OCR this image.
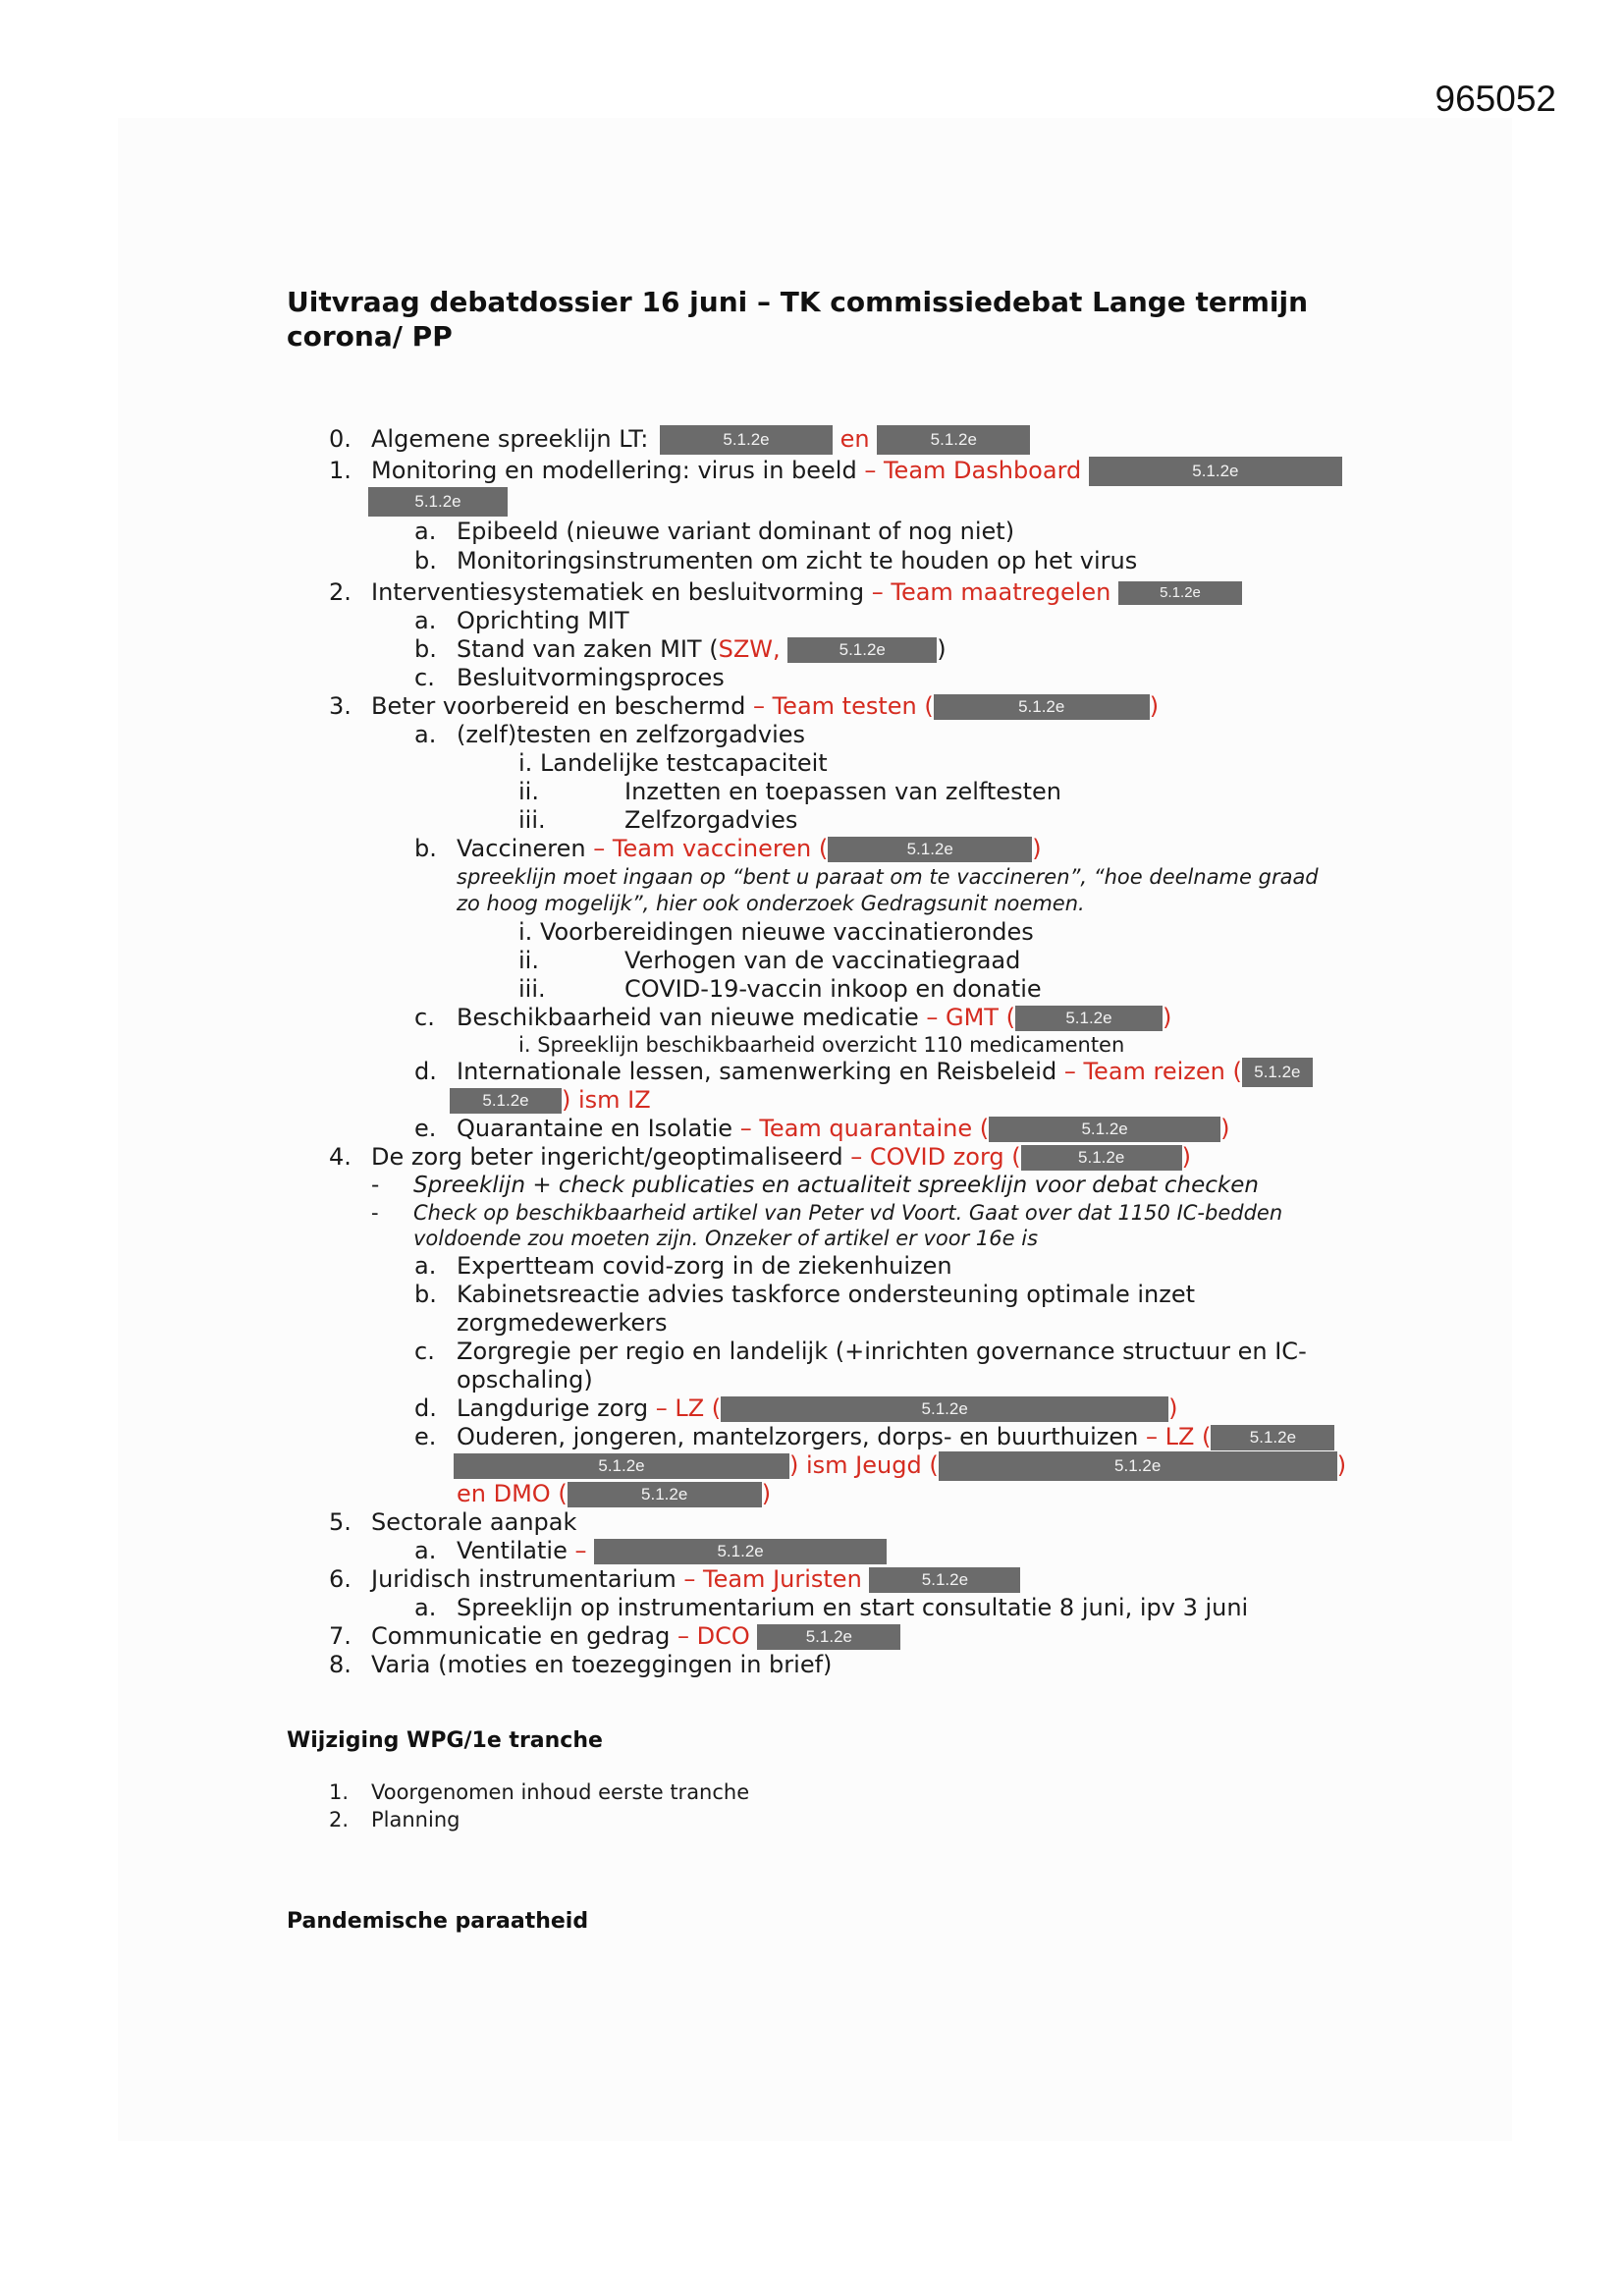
965052
Uitvraag debatdossier 16 juni – TK commissiedebat Lange termijn
corona/ PP
0. Algemene spreeklijn LT:	5.1.2e	en	5.1.2e
1. Monitoring en modellering: virus in beeld – Team Dashboard	5.1.2e
5.1.2e
a. Epibeeld (nieuwe variant dominant of nog niet)
b. Monitoringsinstrumenten om zicht te houden op het virus
2. Interventiesystematiek en besluitvorming – Team maatregelen	5.1.2e
a. Oprichting MIT
b. Stand van zaken MIT (SZW,	5.1.2e )
c. Besluitvormingsproces
3. Beter voorbereid en beschermd – Team testen (	5.1.2e	)
a. (zelf)testen en zelfzorgadvies
i. Landelijke testcapaciteit
ii.	Inzetten en toepassen van zelftesten
iii.	Zelfzorgadvies
b. Vaccineren – Team vaccineren (	5.1.2e	)
spreeklijn moet ingaan op “bent u paraat om te vaccineren”, “hoe deelname graad
zo hoog mogelijk”, hier ook onderzoek Gedragsunit noemen.
i. Voorbereidingen nieuwe vaccinatierondes
ii.	Verhogen van de vaccinatiegraad
iii.	COVID-19-vaccin inkoop en donatie
c. Beschikbaarheid van nieuwe medicatie – GMT (	5.1.2e )
i. Spreeklijn beschikbaarheid overzicht 110 medicamenten
d. Internationale lessen, samenwerking en Reisbeleid – Team reizen ( 5.1.2e
5.1.2e ) ism IZ
e. Quarantaine en Isolatie – Team quarantaine (	5.1.2e	)
4. De zorg beter ingericht/geoptimaliseerd – COVID zorg (	5.1.2e )
- Spreeklijn + check publicaties en actualiteit spreeklijn voor debat checken
- Check op beschikbaarheid artikel van Peter vd Voort. Gaat over dat 1150 IC-bedden
voldoende zou moeten zijn. Onzeker of artikel er voor 16e is
a. Expertteam covid-zorg in de ziekenhuizen
b. Kabinetsreactie advies taskforce ondersteuning optimale inzet
zorgmedewerkers
c. Zorgregie per regio en landelijk (+inrichten governance structuur en IC-
opschaling)
d. Langdurige zorg – LZ (	5.1.2e	)
e. Ouderen, jongeren, mantelzorgers, dorps- en buurthuizen – LZ ( 5.1.2e
5.1.2e	) ism Jeugd (	5.1.2e	)
en DMO (	5.1.2e	)
5. Sectorale aanpak
a. Ventilatie –	5.1.2e
6. Juridisch instrumentarium – Team Juristen	5.1.2e
a. Spreeklijn op instrumentarium en start consultatie 8 juni, ipv 3 juni
7. Communicatie en gedrag – DCO	5.1.2e
8. Varia (moties en toezeggingen in brief)
Wijziging WPG/1e tranche
1. Voorgenomen inhoud eerste tranche
2. Planning
Pandemische paraatheid
